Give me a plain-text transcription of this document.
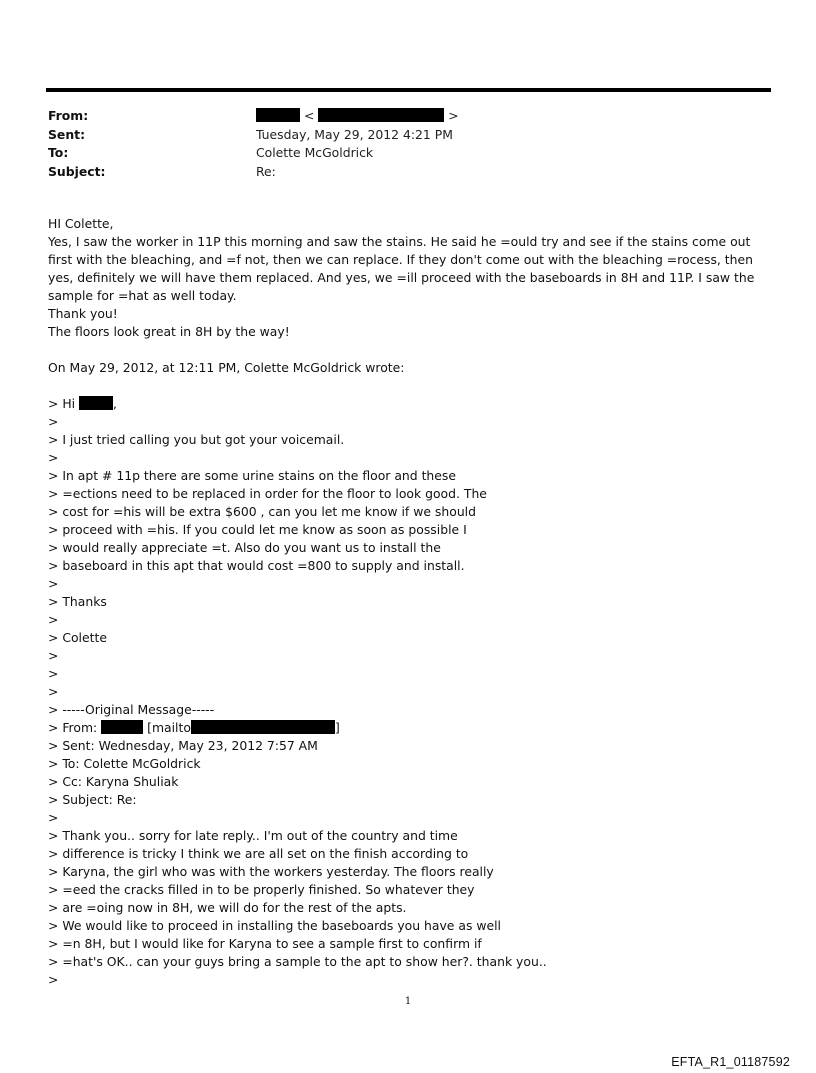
From:	<	>
Sent:	Tuesday, May 29, 2012 4:21 PM
To:	Colette McGoldrick
Subject:	Re:
HI Colette,

Yes, I saw the worker in 11P this morning and saw the stains. He said he =ould try and see if the stains come out first with the bleaching, and =f not, then we can replace. If they don't come out with the bleaching =rocess, then yes, definitely we will have them replaced. And yes, we =ill proceed with the baseboards in 8H and 11P. I saw the sample for =hat as well today.

Thank you!
The floors look great in 8H by the way!
On May 29, 2012, at 12:11 PM, Colette McGoldrick wrote:
> Hi	,
>
> I just tried calling you but got your voicemail.
>
> In apt # 11p there are some urine stains on the floor and these
> =ections need to be replaced in order for the floor to look good. The
> cost for =his will be extra $600 , can you let me know if we should
> proceed with =his. If you could let me know as soon as possible I
> would really appreciate =t. Also do you want us to install the
> baseboard in this apt that would cost =800 to supply and install.
>
> Thanks
>
> Colette
>
>
>
> -----Original Message-----
> From:	[mailto	]
> Sent: Wednesday, May 23, 2012 7:57 AM
> To: Colette McGoldrick
> Cc: Karyna Shuliak
> Subject: Re:
>
> Thank you.. sorry for late reply.. I'm out of the country and time
> difference is tricky I think we are all set on the finish according to
> Karyna, the girl who was with the workers yesterday. The floors really
> =eed the cracks filled in to be properly finished. So whatever they
> are =oing now in 8H, we will do for the rest of the apts.
> We would like to proceed in installing the baseboards you have as well
> =n 8H, but I would like for Karyna to see a sample first to confirm if
> =hat's OK.. can your guys bring a sample to the apt to show her?. thank you..
>
1
EFTA_R1_01187592
